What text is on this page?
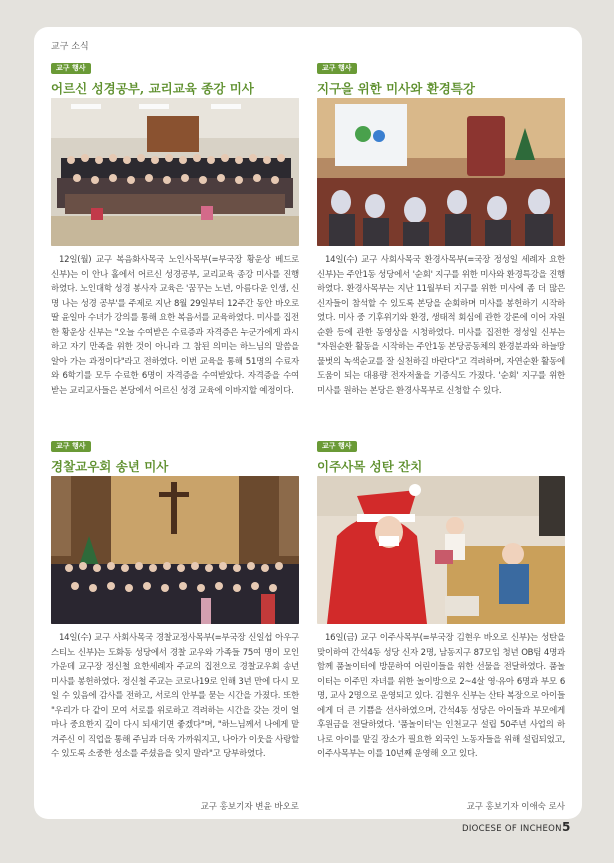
교구 소식
교구 행사
어르신 성경공부, 교리교육 종강 미사
12일(월) 교구 복음화사목국 노인사목부(=부국장 황운상 베드로 신부)는 이 안나 홀에서 어르신 성경공부, 교리교육 종강 미사를 진행하였다. 노인대학 성경 봉사자 교육은 '꿈꾸는 노년, 아름다운 인생, 신명 나는 성경 공부'를 주제로 지난 8월 29일부터 12주간 동안 바오로딸 윤일마 수녀가 강의를 통해 요한 복음서를 교육하였다. 미사를 집전한 황운상 신부는 "오늘 수여받은 수료증과 자격증은 누군가에게 과시하고 자기 만족을 위한 것이 아니라 그 참된 의미는 하느님의 말씀을 알아 가는 과정이다"라고 전하였다. 이번 교육을 통해 51명의 수료자와 6학기를 모두 수료한 6명이 자격증을 수여받았다. 자격증을 수여 받는 교리교사들은 본당에서 어르신 성경 교육에 이바지할 예정이다.
교구 행사
지구을 위한 미사와 환경특강
14일(수) 교구 사회사목국 환경사목부(=국장 정성일 세례자 요한 신부)는 주안1동 성당에서 '순회' 지구를 위한 미사와 환경특강을 진행하였다. 환경사목부는 지난 11월부터 지구를 위한 미사에 좀 더 많은 신자들이 참석할 수 있도록 본당을 순회하며 미사를 봉헌하기 시작하였다. 미사 중 기후위기와 환경, 생태적 회심에 관한 강론에 이어 자원 순환 등에 관한 동영상을 시청하였다. 미사를 집전한 정성일 신부는 "자원순환 활동을 시작하는 주안1동 본당공동체의 환경분과와 하늘땅물벗의 녹색순교를 잘 실천하길 바란다"고 격려하며, 자연순환 활동에 도움이 되는 대용량 전자저울을 기증식도 가졌다. '순회' 지구를 위한 미사를 원하는 본당은 환경사목부로 신청할 수 있다.
교구 행사
경찰교우회 송년 미사
14일(수) 교구 사회사목국 경찰교정사목부(=부국장 신일섭 아우구스티노 신부)는 도화동 성당에서 경찰 교우와 가족들 75여 명이 모인 가운데 교구장 정신철 요한세례자 주교의 집전으로 경찰교우회 송년 미사를 봉헌하였다. 정신철 주교는 코로나19로 인해 3년 만에 다시 모일 수 있음에 감사를 전하고, 서로의 안부를 묻는 시간을 가졌다. 또한 "우리가 다 같이 모여 서로를 위로하고 격려하는 시간을 갖는 것이 얼마나 중요한지 깊이 다시 되새기면 좋겠다"며, "하느님께서 나에게 맡겨주신 이 직업을 통해 주님과 더욱 가까워지고, 나아가 이웃을 사랑할 수 있도록 소중한 성소를 주셨음을 잊지 말라"고 당부하였다.
교구 홍보기자 변윤 바오로
교구 행사
이주사목 성탄 잔치
16일(금) 교구 이주사목부(=부국장 김현우 바오로 신부)는 성탄을 맞이하여 간석4동 성당 신자 2명, 남동지구 87모임 청년 OB팀 4명과 함께 품놀이터에 방문하여 어린이들을 위한 선물을 전달하였다. 품놀이터는 이주민 자녀를 위한 놀이방으로 2~4살 영·유아 6명과 부모 6명, 교사 2명으로 운영되고 있다. 김현우 신부는 산타 복장으로 아이들에게 더 큰 기쁨을 선사하였으며, 간석4동 성당은 아이들과 부모에게 후원금을 전달하였다. '품놀이터'는 인천교구 설립 50주년 사업의 하나로 아이를 맡길 장소가 필요한 외국인 노동자들을 위해 설립되었고, 이주사목부는 이를 10년째 운영해 오고 있다.
교구 홍보기자 이애숙 로사
DIOCESE OF INCHEON 5
